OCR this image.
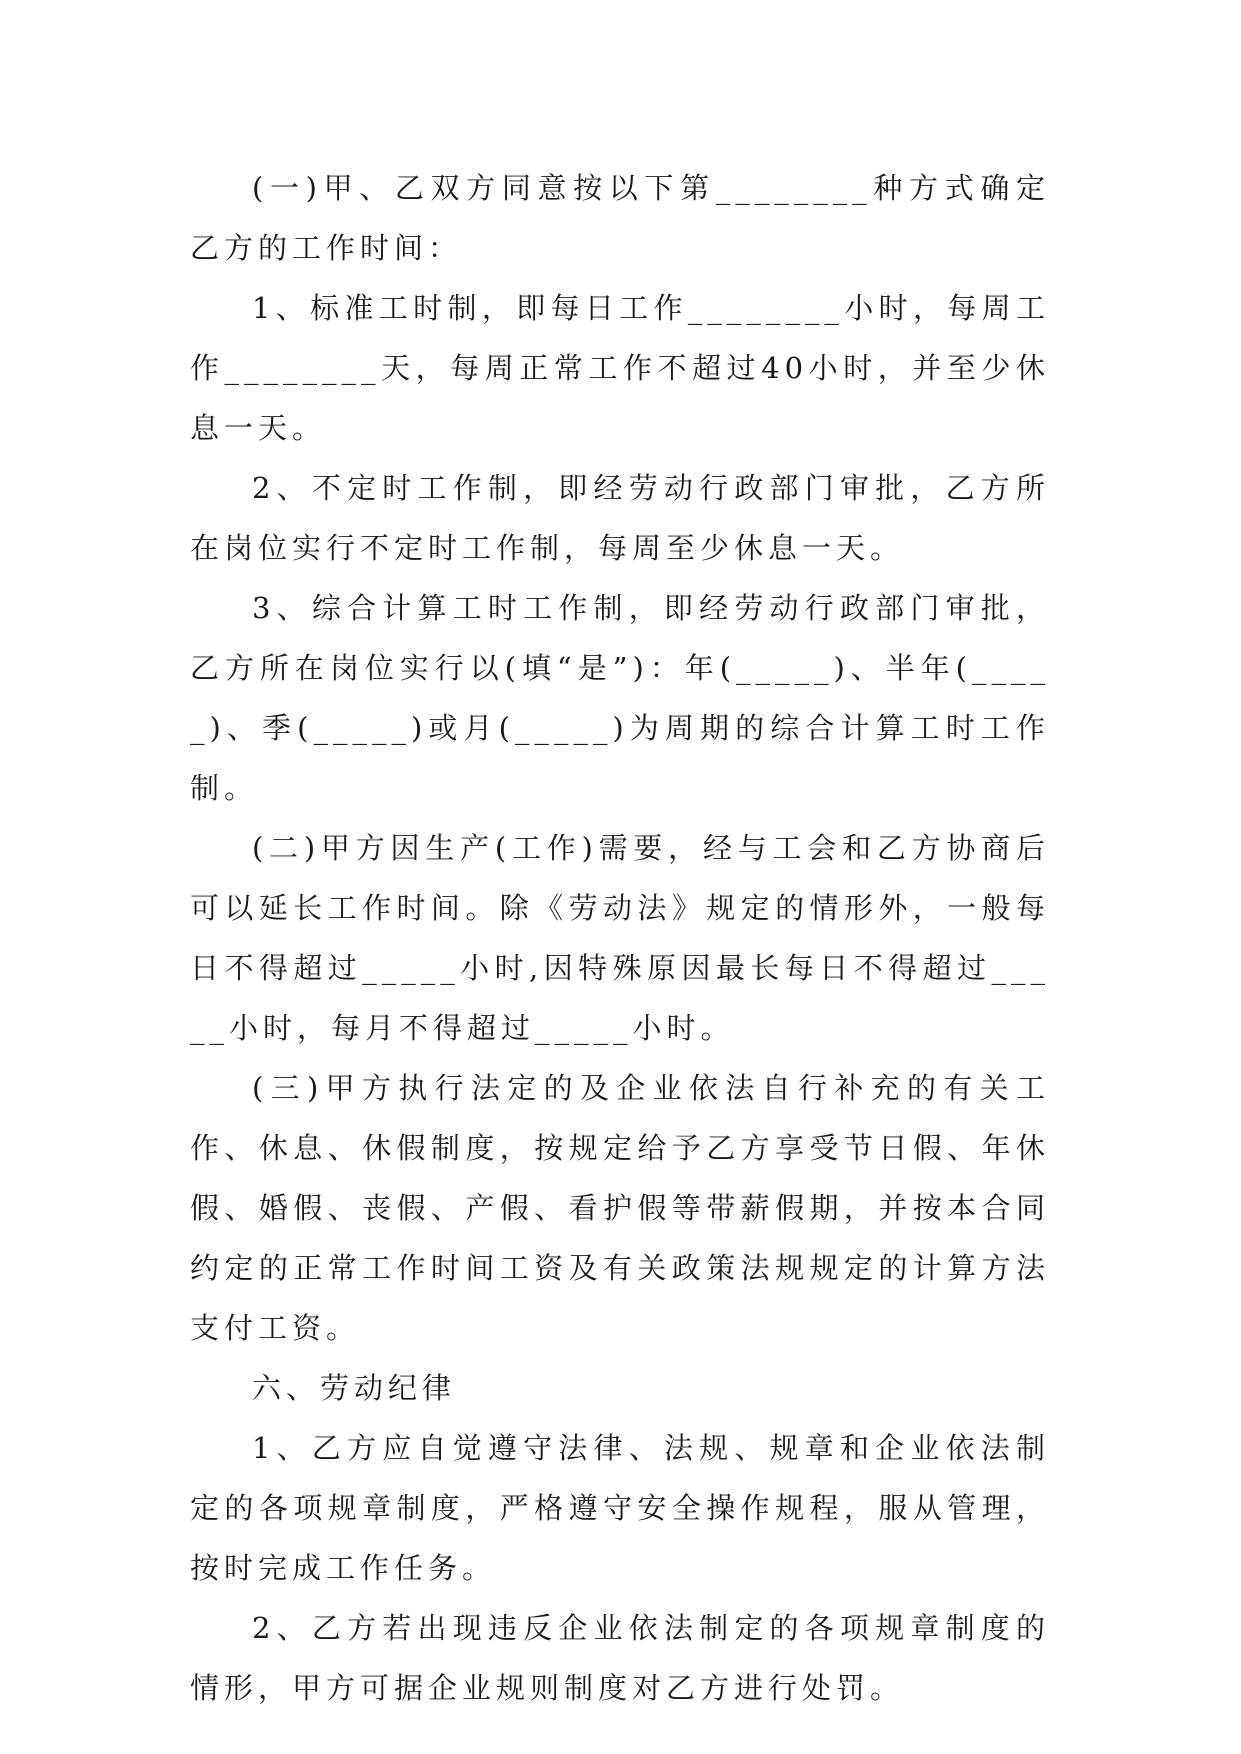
(一)甲、乙双方同意按以下第________种方式确定乙方的工作时间：

1、标准工时制，即每日工作________小时，每周工作________天，每周正常工作不超过40小时，并至少休息一天。

2、不定时工作制，即经劳动行政部门审批，乙方所在岗位实行不定时工作制，每周至少休息一天。

3、综合计算工时工作制，即经劳动行政部门审批，乙方所在岗位实行以(填“是”)：年(_____)、半年(_____)、季(_____)或月(_____)为周期的综合计算工时工作制。

(二)甲方因生产(工作)需要，经与工会和乙方协商后可以延长工作时间。除《劳动法》规定的情形外，一般每日不得超过_____小时,因特殊原因最长每日不得超过_____小时，每月不得超过_____小时。

(三)甲方执行法定的及企业依法自行补充的有关工作、休息、休假制度，按规定给予乙方享受节日假、年休假、婚假、丧假、产假、看护假等带薪假期，并按本合同约定的正常工作时间工资及有关政策法规规定的计算方法支付工资。

六、劳动纪律

1、乙方应自觉遵守法律、法规、规章和企业依法制定的各项规章制度，严格遵守安全操作规程，服从管理，按时完成工作任务。

2、乙方若出现违反企业依法制定的各项规章制度的情形，甲方可据企业规则制度对乙方进行处罚。
